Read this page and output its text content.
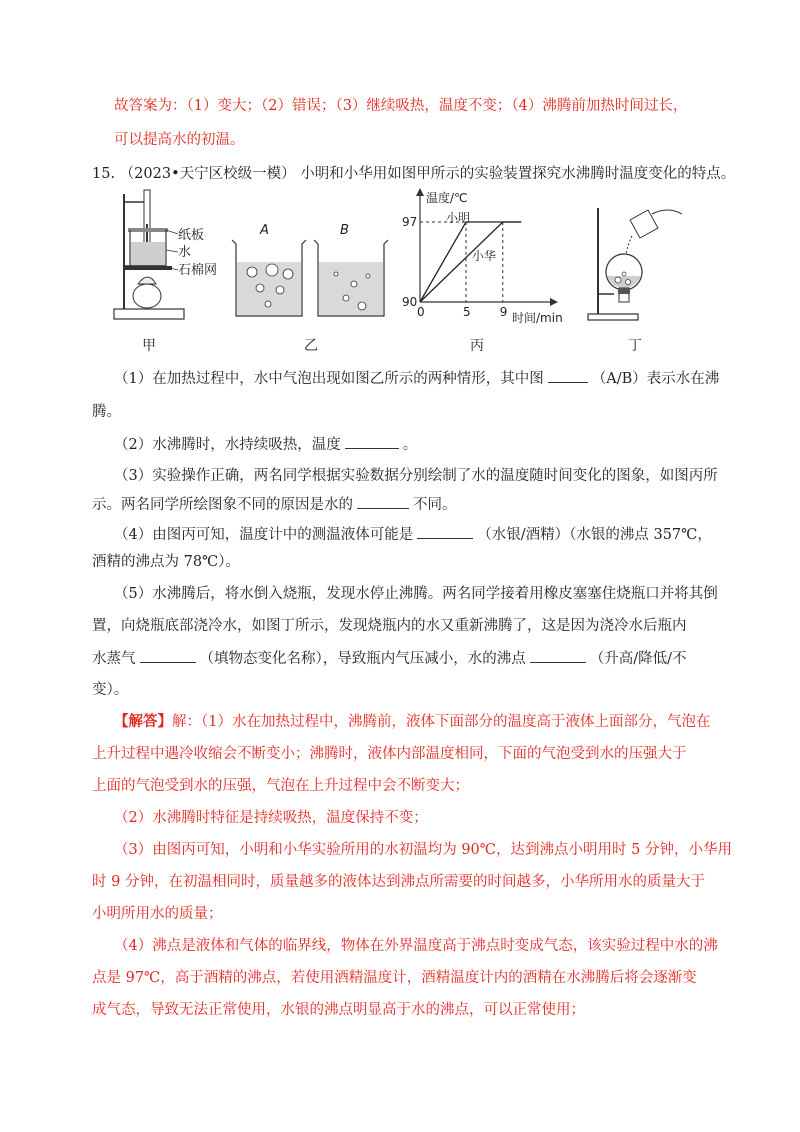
故答案为：（1）变大；（2）错误；（3）继续吸热，温度不变；（4）沸腾前加热时间过长，
可以提高水的初温。
15. （2023•天宁区校级一模） 小明和小华用如图甲所示的实验装置探究水沸腾时温度变化的特点。
纸板
水
石棉网
甲
A	B
乙
温度/℃
时间/min
0	5 9
90
97 小明
小华
丙	丁
（1）在加热过程中，水中气泡出现如图乙所示的两种情形，其中图	（A/B）表示水在沸
腾。
（2）水沸腾时，水持续吸热，温度	。
（3）实验操作正确，两名同学根据实验数据分别绘制了水的温度随时间变化的图象，如图丙所
示。两名同学所绘图象不同的原因是水的	不同。
（4）由图丙可知，温度计中的测温液体可能是	（水银/酒精）（水银的沸点 357℃，
酒精的沸点为 78℃）。
（5）水沸腾后，将水倒入烧瓶，发现水停止沸腾。两名同学接着用橡皮塞塞住烧瓶口并将其倒
置，向烧瓶底部浇冷水，如图丁所示，发现烧瓶内的水又重新沸腾了，这是因为浇冷水后瓶内
水蒸气	（填物态变化名称），导致瓶内气压减小，水的沸点	（升高/降低/不
变）。
【解答】解：（1）水在加热过程中，沸腾前，液体下面部分的温度高于液体上面部分，气泡在
上升过程中遇冷收缩会不断变小；沸腾时，液体内部温度相同，下面的气泡受到水的压强大于
上面的气泡受到水的压强，气泡在上升过程中会不断变大；
（2）水沸腾时特征是持续吸热，温度保持不变；
（3）由图丙可知，小明和小华实验所用的水初温均为 90℃，达到沸点小明用时 5 分钟，小华用
时 9 分钟，在初温相同时，质量越多的液体达到沸点所需要的时间越多，小华所用水的质量大于
小明所用水的质量；
（4）沸点是液体和气体的临界线，物体在外界温度高于沸点时变成气态，该实验过程中水的沸
点是 97℃，高于酒精的沸点，若使用酒精温度计，酒精温度计内的酒精在水沸腾后将会逐渐变
成气态，导致无法正常使用，水银的沸点明显高于水的沸点，可以正常使用；
